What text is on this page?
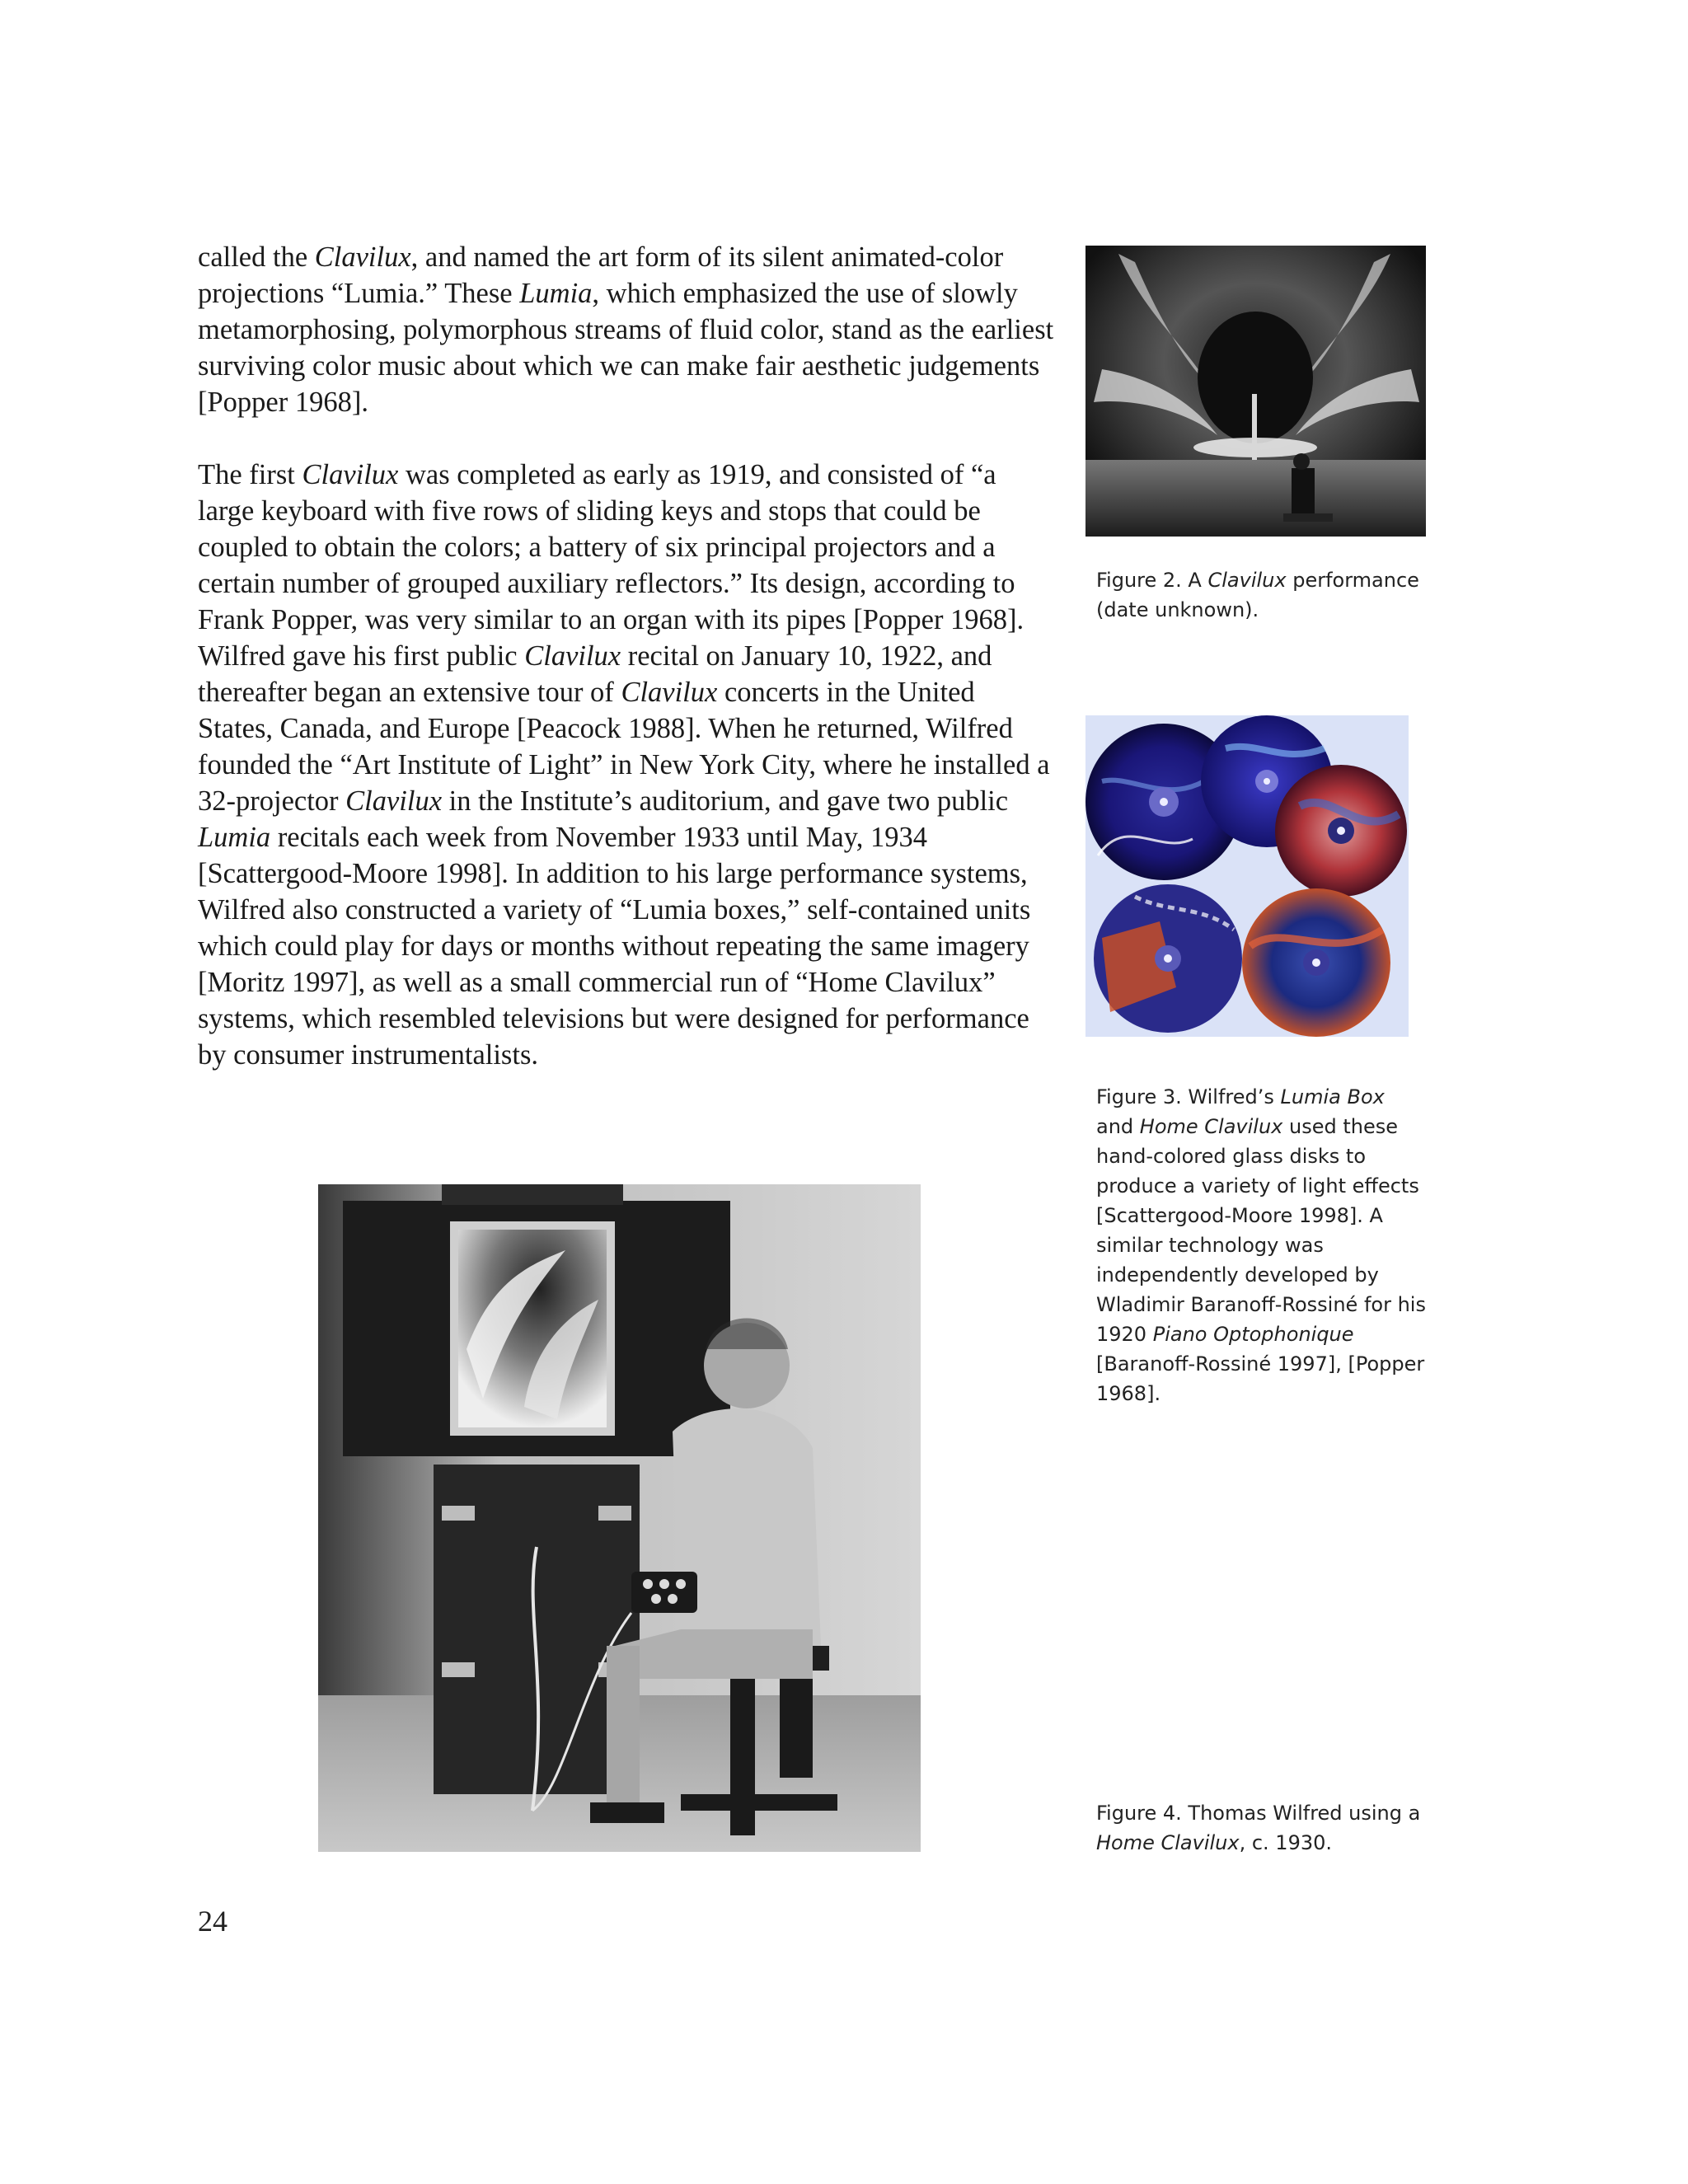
called the Clavilux, and named the art form of its silent animated-color projections “Lumia.” These Lumia, which emphasized the use of slowly metamorphosing, polymorphous streams of fluid color, stand as the earliest surviving color music about which we can make fair aesthetic judgements [Popper 1968].

The first Clavilux was completed as early as 1919, and consisted of “a large keyboard with five rows of sliding keys and stops that could be coupled to obtain the colors; a battery of six principal projectors and a certain number of grouped auxiliary reflectors.” Its design, according to Frank Popper, was very similar to an organ with its pipes [Popper 1968]. Wilfred gave his first public Clavilux recital on January 10, 1922, and thereafter began an extensive tour of Clavilux concerts in the United States, Canada, and Europe [Peacock 1988]. When he returned, Wilfred founded the “Art Institute of Light” in New York City, where he installed a 32-projector Clavilux in the Institute’s auditorium, and gave two public Lumia recitals each week from November 1933 until May, 1934 [Scattergood-Moore 1998]. In addition to his large performance systems, Wilfred also constructed a variety of “Lumia boxes,” self-contained units which could play for days or months without repeating the same imagery [Moritz 1997], as well as a small commercial run of “Home Clavilux” systems, which resembled televisions but were designed for performance by consumer instrumentalists.

Figure 2. A Clavilux performance (date unknown).
Figure 3. Wilfred’s Lumia Box and Home Clavilux used these hand-colored glass disks to produce a variety of light effects [Scattergood-Moore 1998]. A similar technology was independently developed by Wladimir Baranoff-Rossiné for his 1920 Piano Optophonique [Baranoff-Rossiné 1997], [Popper 1968].
Figure 4. Thomas Wilfred using a Home Clavilux, c. 1930.
24
